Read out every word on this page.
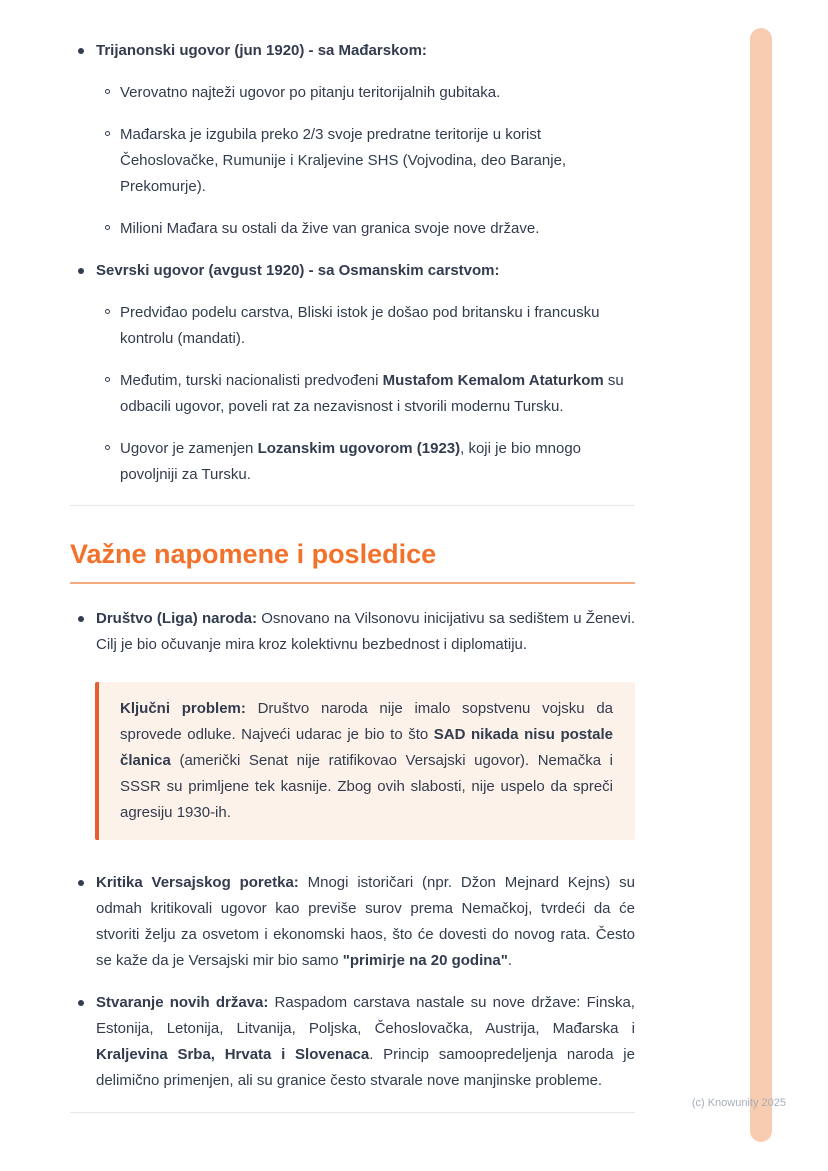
Trijanonski ugovor (jun 1920) - sa Mađarskom:

Verovatno najteži ugovor po pitanju teritorijalnih gubitaka.

Mađarska je izgubila preko 2/3 svoje predratne teritorije u korist Čehoslovačke, Rumunije i Kraljevine SHS (Vojvodina, deo Baranje, Prekomurje).

Milioni Mađara su ostali da žive van granica svoje nove države.

Sevrski ugovor (avgust 1920) - sa Osmanskim carstvom:

Predviđao podelu carstva, Bliski istok je došao pod britansku i francusku kontrolu (mandati).

Međutim, turski nacionalisti predvođeni Mustafom Kemalom Ataturkom su odbacili ugovor, poveli rat za nezavisnost i stvorili modernu Tursku.

Ugovor je zamenjen Lozanskim ugovorom (1923), koji je bio mnogo povoljniji za Tursku.

Važne napomene i posledice

Društvo (Liga) naroda: Osnovano na Vilsonovu inicijativu sa sedištem u Ženevi. Cilj je bio očuvanje mira kroz kolektivnu bezbednost i diplomatiju.

Ključni problem: Društvo naroda nije imalo sopstvenu vojsku da sprovede odluke. Najveći udarac je bio to što SAD nikada nisu postale članica (američki Senat nije ratifikovao Versajski ugovor). Nemačka i SSSR su primljene tek kasnije. Zbog ovih slabosti, nije uspelo da spreči agresiju 1930-ih.

Kritika Versajskog poretka: Mnogi istoričari (npr. Džon Mejnard Kejns) su odmah kritikovali ugovor kao previše surov prema Nemačkoj, tvrdeći da će stvoriti želju za osvetom i ekonomski haos, što će dovesti do novog rata. Često se kaže da je Versajski mir bio samo "primirje na 20 godina".

Stvaranje novih država: Raspadom carstava nastale su nove države: Finska, Estonija, Letonija, Litvanija, Poljska, Čehoslovačka, Austrija, Mađarska i Kraljevina Srba, Hrvata i Slovenaca. Princip samoopredeljenja naroda je delimično primenjen, ali su granice često stvarale nove manjinske probleme.

(c) Knowunity 2025
